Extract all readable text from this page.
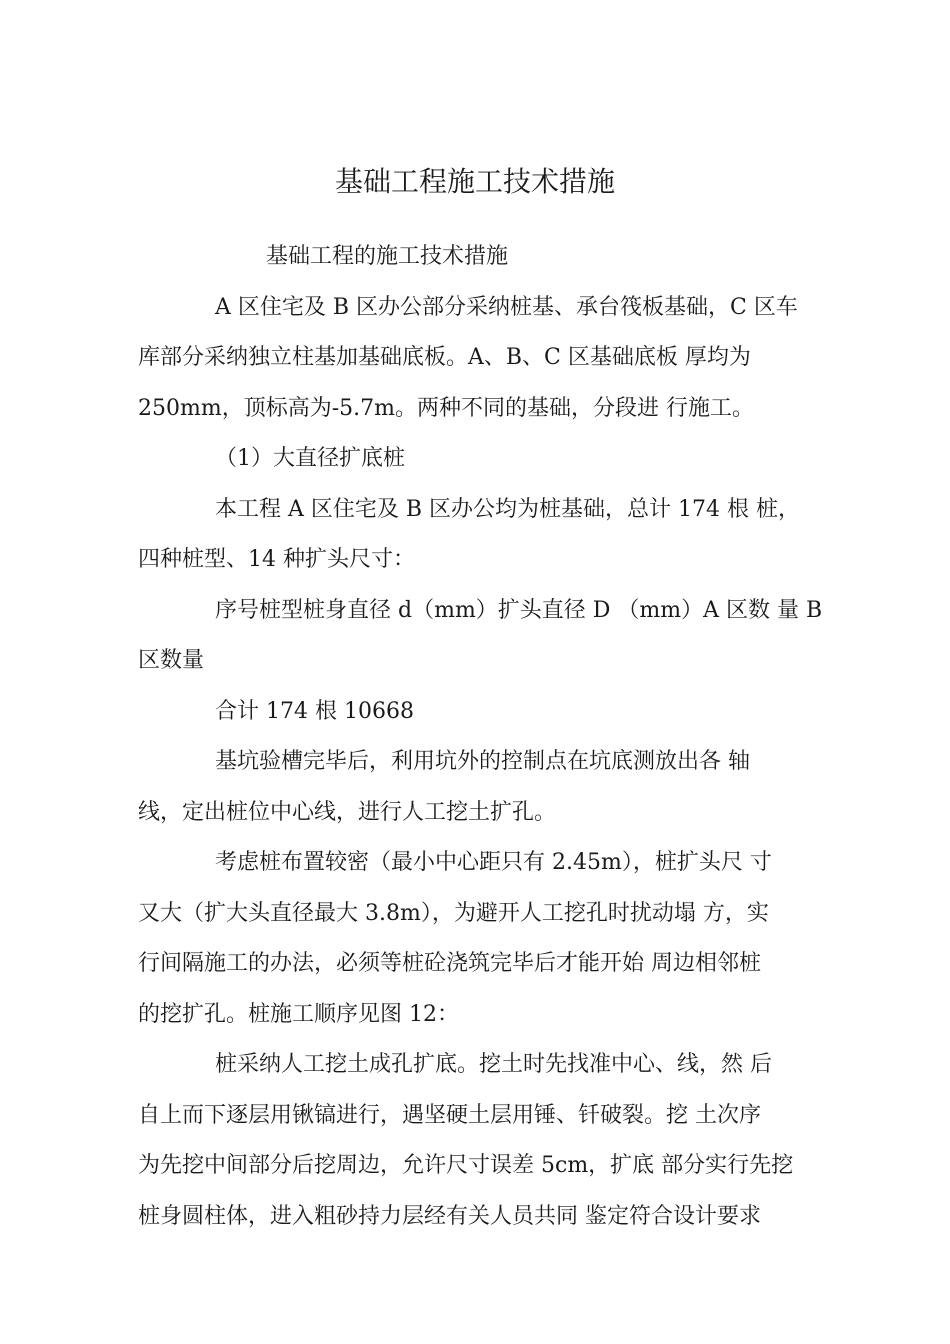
基础工程施工技术措施

基础工程的施工技术措施

A 区住宅及 B 区办公部分采纳桩基、承台筏板基础，C 区车

库部分采纳独立柱基加基础底板。A、B、C 区基础底板 厚均为

250mm，顶标高为-5.7m。两种不同的基础，分段进 行施工。

（1）大直径扩底桩

本工程 A 区住宅及 B 区办公均为桩基础，总计 174 根 桩，

四种桩型、14 种扩头尺寸：

序号桩型桩身直径 d（mm）扩头直径 D （mm）A 区数 量 B

区数量

合计 174 根 10668

基坑验槽完毕后，利用坑外的控制点在坑底测放出各 轴

线，定出桩位中心线，进行人工挖土扩孔。

考虑桩布置较密（最小中心距只有 2.45m），桩扩头尺 寸

又大（扩大头直径最大 3.8m），为避开人工挖孔时扰动塌 方，实

行间隔施工的办法，必须等桩砼浇筑完毕后才能开始 周边相邻桩

的挖扩孔。桩施工顺序见图 12：

桩采纳人工挖土成孔扩底。挖土时先找准中心、线，然 后

自上而下逐层用锹镐进行，遇坚硬土层用锤、钎破裂。挖 土次序

为先挖中间部分后挖周边，允许尺寸误差 5cm，扩底 部分实行先挖

桩身圆柱体，进入粗砂持力层经有关人员共同 鉴定符合设计要求
